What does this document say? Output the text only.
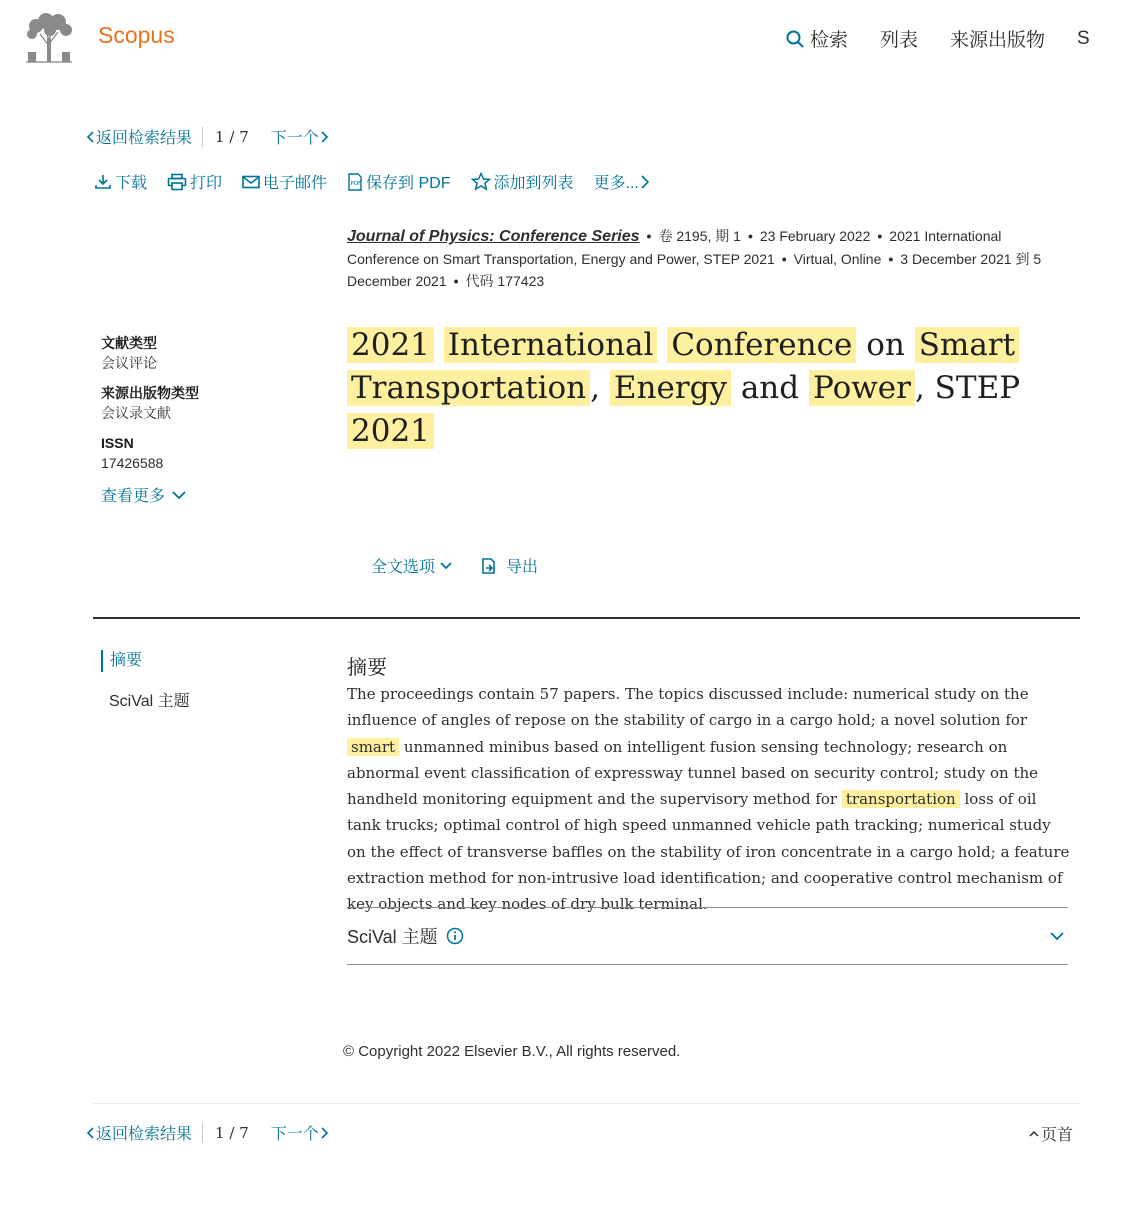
Scopus	检索 列表 来源出版物 S
返回检索结果 1 / 7 下一个
下载	打印	电子邮件	PDF 保存到 PDF	添加到列表 更多...
Journal of Physics: Conference Series • 卷 2195, 期 1 • 23 February 2022 • 2021 International Conference on Smart Transportation, Energy and Power, STEP 2021 • Virtual, Online • 3 December 2021 到 5 December 2021 • 代码 177423
文献类型
会议评论
来源出版物类型
会议录文献
ISSN
17426588
查看更多
2021 International Conference on Smart Transportation , Energy and Power , STEP 2021
全文选项	导出
摘要
SciVal 主题
摘要
The proceedings contain 57 papers. The topics discussed include: numerical study on the influence of angles of repose on the stability of cargo in a cargo hold; a novel solution for smart unmanned minibus based on intelligent fusion sensing technology; research on abnormal event classification of expressway tunnel based on security control; study on the handheld monitoring equipment and the supervisory method for transportation loss of oil tank trucks; optimal control of high speed unmanned vehicle path tracking; numerical study on the effect of transverse baffles on the stability of iron concentrate in a cargo hold; a feature extraction method for non-intrusive load identification; and cooperative control mechanism of key objects and key nodes of dry bulk terminal.
SciVal 主题
© Copyright 2022 Elsevier B.V., All rights reserved.
返回检索结果 1 / 7 下一个	页首
